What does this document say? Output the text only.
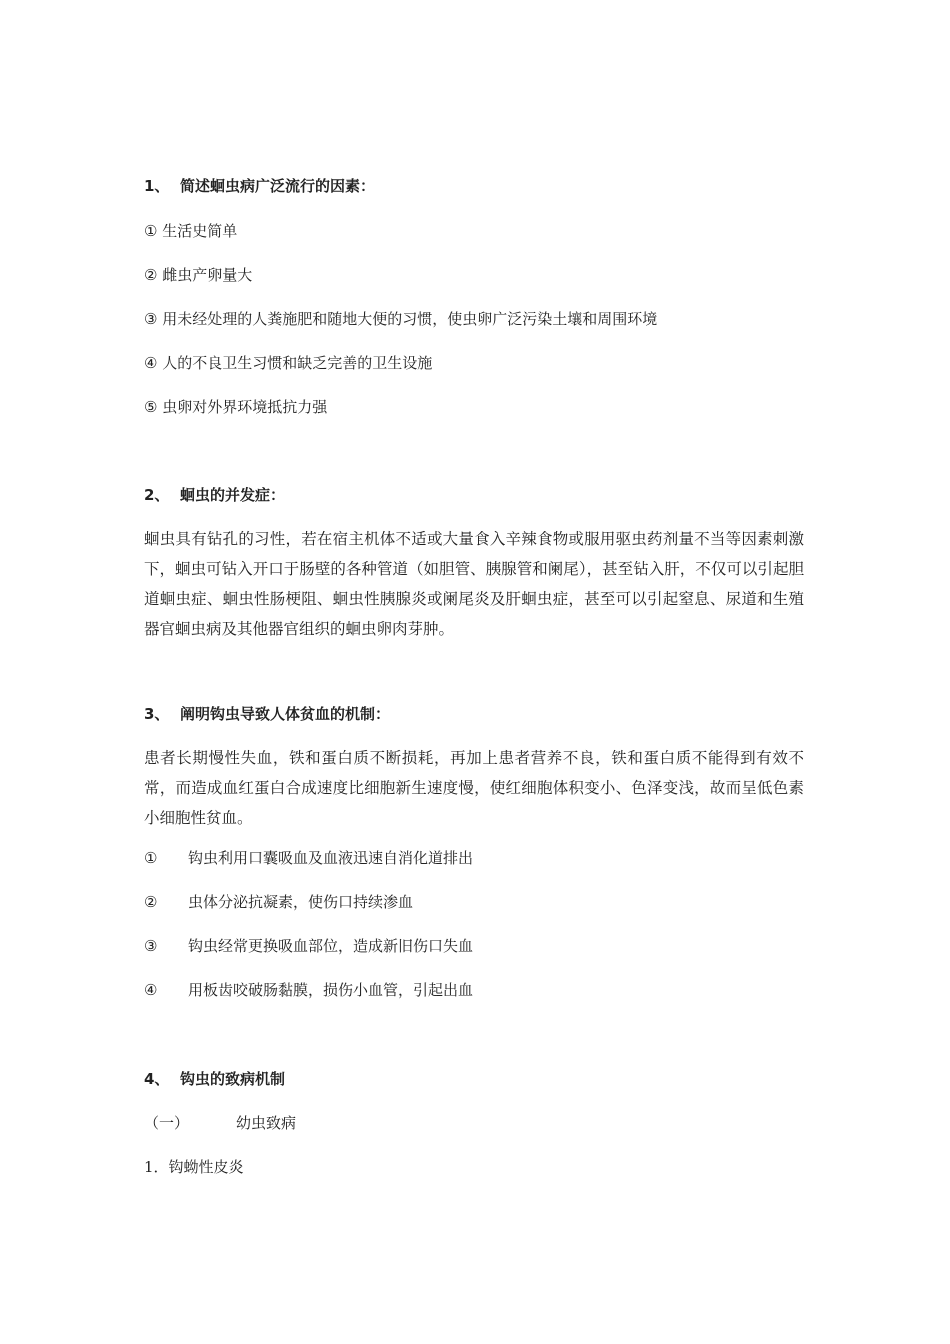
1、 简述蛔虫病广泛流行的因素：
① 生活史简单
② 雌虫产卵量大
③ 用未经处理的人粪施肥和随地大便的习惯，使虫卵广泛污染土壤和周围环境
④ 人的不良卫生习惯和缺乏完善的卫生设施
⑤ 虫卵对外界环境抵抗力强
2、 蛔虫的并发症：
蛔虫具有钻孔的习性，若在宿主机体不适或大量食入辛辣食物或服用驱虫药剂量不当等因素刺激下，蛔虫可钻入开口于肠壁的各种管道（如胆管、胰腺管和阑尾），甚至钻入肝，不仅可以引起胆道蛔虫症、蛔虫性肠梗阻、蛔虫性胰腺炎或阑尾炎及肝蛔虫症，甚至可以引起窒息、尿道和生殖器官蛔虫病及其他器官组织的蛔虫卵肉芽肿。
3、 阐明钩虫导致人体贫血的机制：
患者长期慢性失血，铁和蛋白质不断损耗，再加上患者营养不良，铁和蛋白质不能得到有效不常，而造成血红蛋白合成速度比细胞新生速度慢，使红细胞体积变小、色泽变浅，故而呈低色素小细胞性贫血。
① 钩虫利用口囊吸血及血液迅速自消化道排出
② 虫体分泌抗凝素，使伤口持续渗血
③ 钩虫经常更换吸血部位，造成新旧伤口失血
④ 用板齿咬破肠黏膜，损伤小血管，引起出血
4、 钩虫的致病机制
（一）	幼虫致病
1．钩蚴性皮炎
